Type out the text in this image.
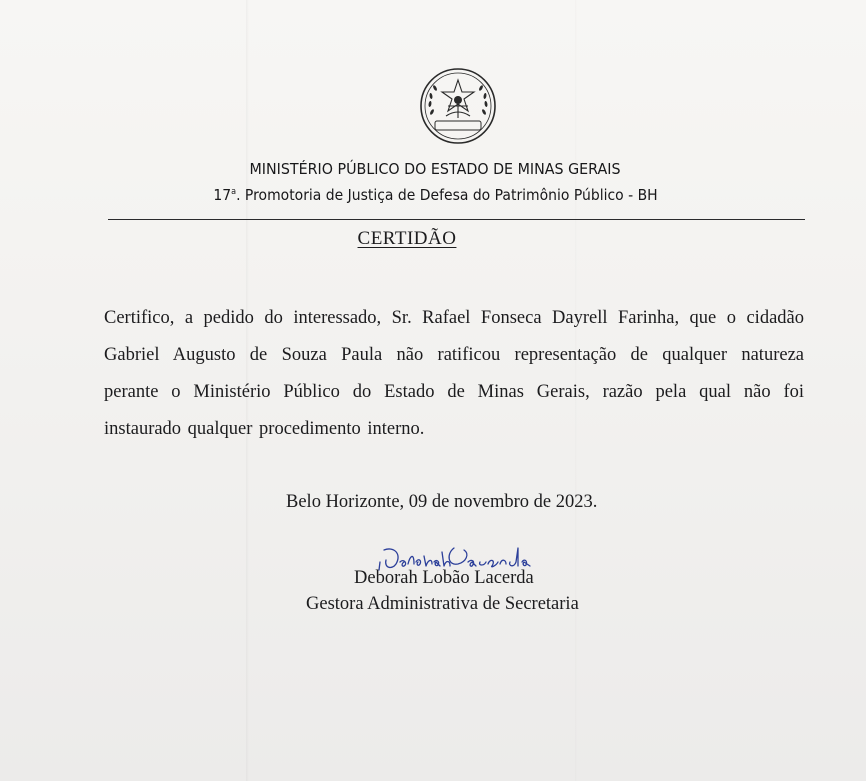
MINISTÉRIO PÚBLICO DO ESTADO DE MINAS GERAIS
17$^a$. Promotoria de Justiça de Defesa do Patrimônio Público - BH
CERTIDÃO
Certifico, a pedido do interessado, Sr. Rafael Fonseca Dayrell Farinha, que o cidadão
Gabriel Augusto de Souza Paula não ratificou representação de qualquer natureza
perante o Ministério Público do Estado de Minas Gerais, razão pela qual não foi
instaurado qualquer procedimento interno.
Belo Horizonte, 09 de novembro de 2023.
Deborah Lobão Lacerda
Gestora Administrativa de Secretaria
